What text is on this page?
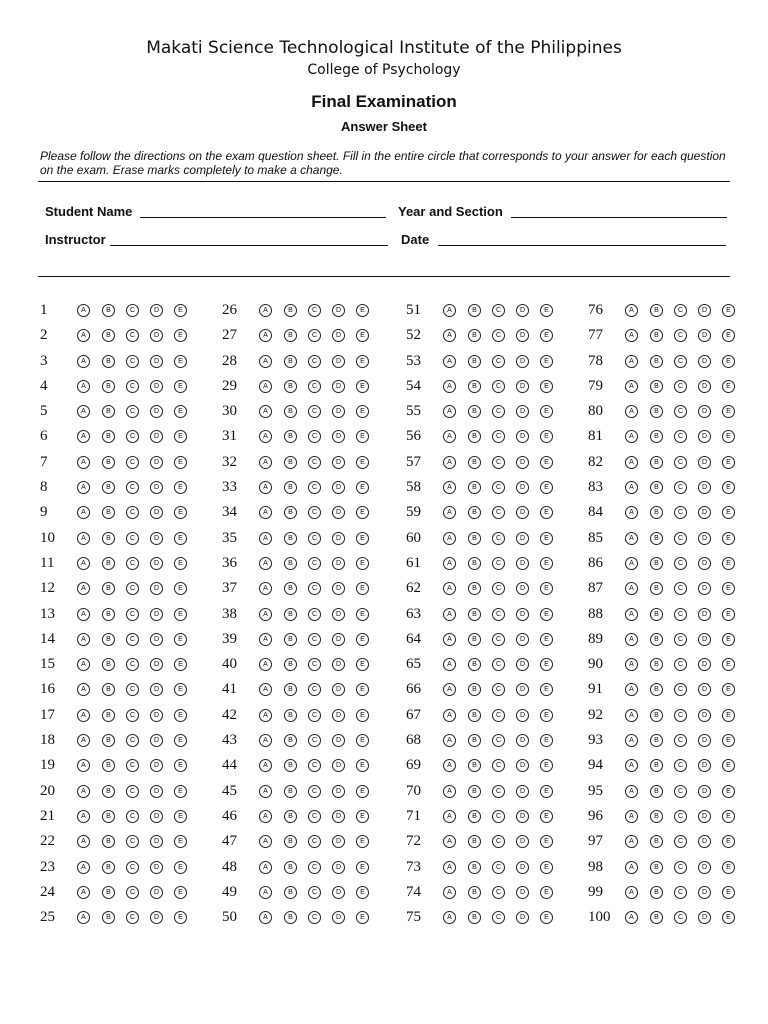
Makati Science Technological Institute of the Philippines
College of Psychology
Final Examination
Answer Sheet
Please follow the directions on the exam question sheet. Fill in the entire circle that corresponds to your answer for each question on the exam. Erase marks completely to make a change.
Student Name	Year and Section
Instructor	Date
1	A	B	C	D	E
2	A	B	C	D	E
3	A	B	C	D	E
4	A	B	C	D	E
5	A	B	C	D	E
6	A	B	C	D	E
7	A	B	C	D	E
8	A	B	C	D	E
9	A	B	C	D	E
10	A	B	C	D	E
11	A	B	C	D	E
12	A	B	C	D	E
13	A	B	C	D	E
14	A	B	C	D	E
15	A	B	C	D	E
16	A	B	C	D	E
17	A	B	C	D	E
18	A	B	C	D	E
19	A	B	C	D	E
20	A	B	C	D	E
21	A	B	C	D	E
22	A	B	C	D	E
23	A	B	C	D	E
24	A	B	C	D	E
25	A	B	C	D	E
26	A	B	C	D	E
27	A	B	C	D	E
28	A	B	C	D	E
29	A	B	C	D	E
30	A	B	C	D	E
31	A	B	C	D	E
32	A	B	C	D	E
33	A	B	C	D	E
34	A	B	C	D	E
35	A	B	C	D	E
36	A	B	C	D	E
37	A	B	C	D	E
38	A	B	C	D	E
39	A	B	C	D	E
40	A	B	C	D	E
41	A	B	C	D	E
42	A	B	C	D	E
43	A	B	C	D	E
44	A	B	C	D	E
45	A	B	C	D	E
46	A	B	C	D	E
47	A	B	C	D	E
48	A	B	C	D	E
49	A	B	C	D	E
50	A	B	C	D	E
51	A	B	C	D	E
52	A	B	C	D	E
53	A	B	C	D	E
54	A	B	C	D	E
55	A	B	C	D	E
56	A	B	C	D	E
57	A	B	C	D	E
58	A	B	C	D	E
59	A	B	C	D	E
60	A	B	C	D	E
61	A	B	C	D	E
62	A	B	C	D	E
63	A	B	C	D	E
64	A	B	C	D	E
65	A	B	C	D	E
66	A	B	C	D	E
67	A	B	C	D	E
68	A	B	C	D	E
69	A	B	C	D	E
70	A	B	C	D	E
71	A	B	C	D	E
72	A	B	C	D	E
73	A	B	C	D	E
74	A	B	C	D	E
75	A	B	C	D	E
76	A	B	C	D	E
77	A	B	C	D	E
78	A	B	C	D	E
79	A	B	C	D	E
80	A	B	C	D	E
81	A	B	C	D	E
82	A	B	C	D	E
83	A	B	C	D	E
84	A	B	C	D	E
85	A	B	C	D	E
86	A	B	C	D	E
87	A	B	C	D	E
88	A	B	C	D	E
89	A	B	C	D	E
90	A	B	C	D	E
91	A	B	C	D	E
92	A	B	C	D	E
93	A	B	C	D	E
94	A	B	C	D	E
95	A	B	C	D	E
96	A	B	C	D	E
97	A	B	C	D	E
98	A	B	C	D	E
99	A	B	C	D	E
100	A	B	C	D	E
